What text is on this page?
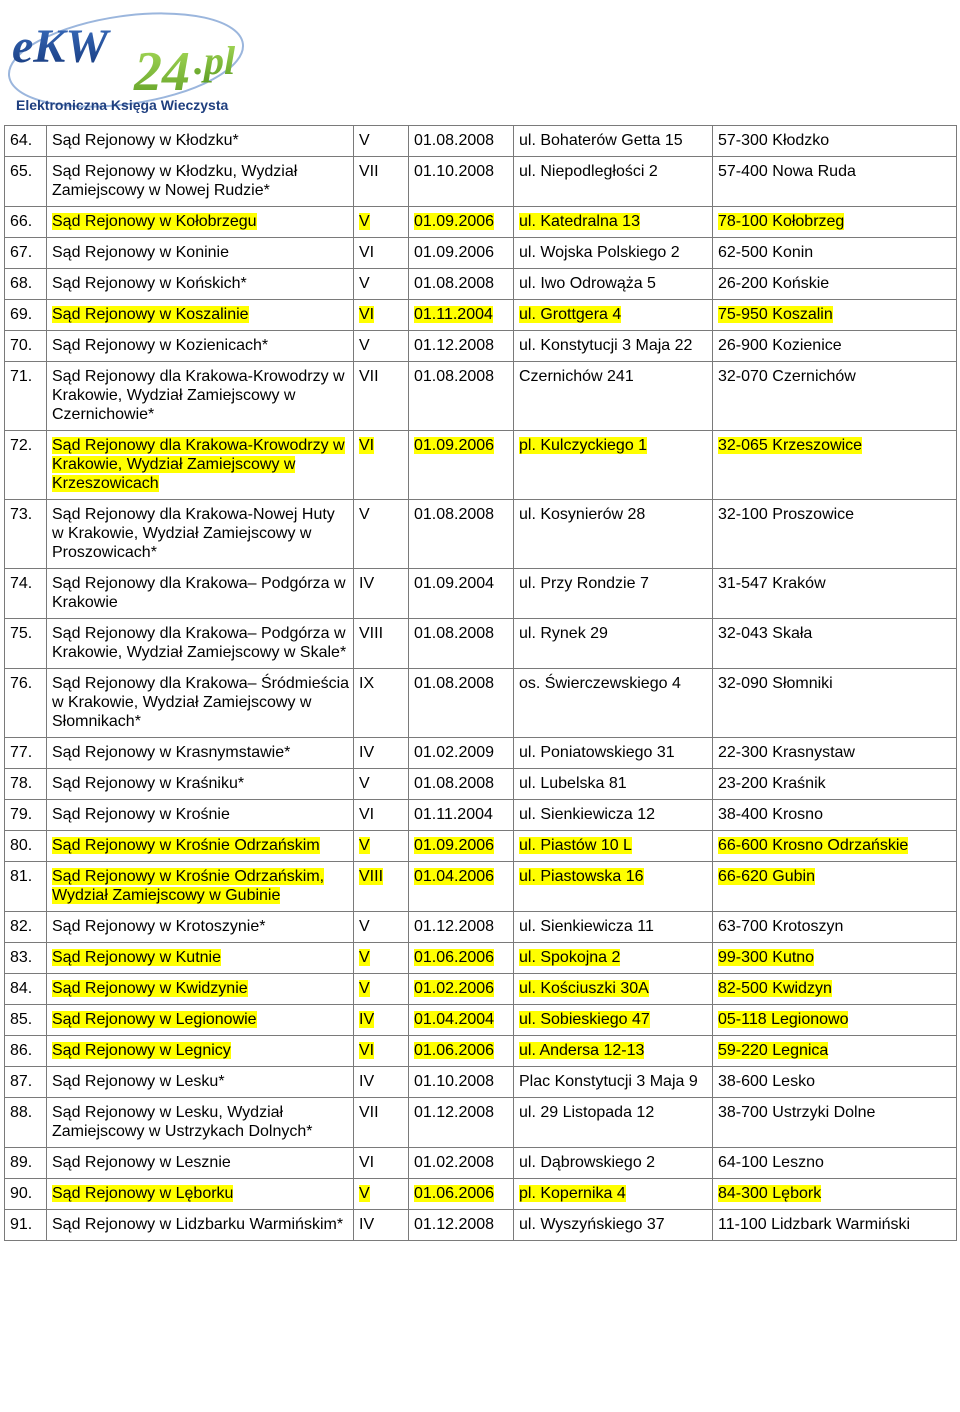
eKW 24 .pl
Elektroniczna Księga Wieczysta
64.	Sąd Rejonowy w Kłodzku*	V	01.08.2008	ul. Bohaterów Getta 15	57-300 Kłodzko
65.	Sąd Rejonowy w Kłodzku, Wydział Zamiejscowy w Nowej Rudzie*	VII	01.10.2008	ul. Niepodległości 2	57-400 Nowa Ruda
66.	Sąd Rejonowy w Kołobrzegu	V	01.09.2006	ul. Katedralna 13	78-100 Kołobrzeg
67.	Sąd Rejonowy w Koninie	VI	01.09.2006	ul. Wojska Polskiego 2	62-500 Konin
68.	Sąd Rejonowy w Końskich*	V	01.08.2008	ul. Iwo Odrowąża 5	26-200 Końskie
69.	Sąd Rejonowy w Koszalinie	VI	01.11.2004	ul. Grottgera 4	75-950 Koszalin
70.	Sąd Rejonowy w Kozienicach*	V	01.12.2008	ul. Konstytucji 3 Maja 22	26-900 Kozienice
71.	Sąd Rejonowy dla Krakowa-Krowodrzy w Krakowie, Wydział Zamiejscowy w Czernichowie*	VII	01.08.2008	Czernichów 241	32-070 Czernichów
72.	Sąd Rejonowy dla Krakowa-Krowodrzy w Krakowie, Wydział Zamiejscowy w Krzeszowicach	VI	01.09.2006	pl. Kulczyckiego 1	32-065 Krzeszowice
73.	Sąd Rejonowy dla Krakowa-Nowej Huty w Krakowie, Wydział Zamiejscowy w Proszowicach*	V	01.08.2008	ul. Kosynierów 28	32-100 Proszowice
74.	Sąd Rejonowy dla Krakowa– Podgórza w Krakowie	IV	01.09.2004	ul. Przy Rondzie 7	31-547 Kraków
75.	Sąd Rejonowy dla Krakowa– Podgórza w Krakowie, Wydział Zamiejscowy w Skale*	VIII	01.08.2008	ul. Rynek 29	32-043 Skała
76.	Sąd Rejonowy dla Krakowa– Śródmieścia w Krakowie, Wydział Zamiejscowy w Słomnikach*	IX	01.08.2008	os. Świerczewskiego 4	32-090 Słomniki
77.	Sąd Rejonowy w Krasnymstawie*	IV	01.02.2009	ul. Poniatowskiego 31	22-300 Krasnystaw
78.	Sąd Rejonowy w Kraśniku*	V	01.08.2008	ul. Lubelska 81	23-200 Kraśnik
79.	Sąd Rejonowy w Krośnie	VI	01.11.2004	ul. Sienkiewicza 12	38-400 Krosno
80.	Sąd Rejonowy w Krośnie Odrzańskim	V	01.09.2006	ul. Piastów 10 L	66-600 Krosno Odrzańskie
81.	Sąd Rejonowy w Krośnie Odrzańskim, Wydział Zamiejscowy w Gubinie	VIII	01.04.2006	ul. Piastowska 16	66-620 Gubin
82.	Sąd Rejonowy w Krotoszynie*	V	01.12.2008	ul. Sienkiewicza 11	63-700 Krotoszyn
83.	Sąd Rejonowy w Kutnie	V	01.06.2006	ul. Spokojna 2	99-300 Kutno
84.	Sąd Rejonowy w Kwidzynie	V	01.02.2006	ul. Kościuszki 30A	82-500 Kwidzyn
85.	Sąd Rejonowy w Legionowie	IV	01.04.2004	ul. Sobieskiego 47	05-118 Legionowo
86.	Sąd Rejonowy w Legnicy	VI	01.06.2006	ul. Andersa 12-13	59-220 Legnica
87.	Sąd Rejonowy w Lesku*	IV	01.10.2008	Plac Konstytucji 3 Maja 9	38-600 Lesko
88.	Sąd Rejonowy w Lesku, Wydział Zamiejscowy w Ustrzykach Dolnych*	VII	01.12.2008	ul. 29 Listopada 12	38-700 Ustrzyki Dolne
89.	Sąd Rejonowy w Lesznie	VI	01.02.2008	ul. Dąbrowskiego 2	64-100 Leszno
90.	Sąd Rejonowy w Lęborku	V	01.06.2006	pl. Kopernika 4	84-300 Lębork
91.	Sąd Rejonowy w Lidzbarku Warmińskim*	IV	01.12.2008	ul. Wyszyńskiego 37	11-100 Lidzbark Warmiński
